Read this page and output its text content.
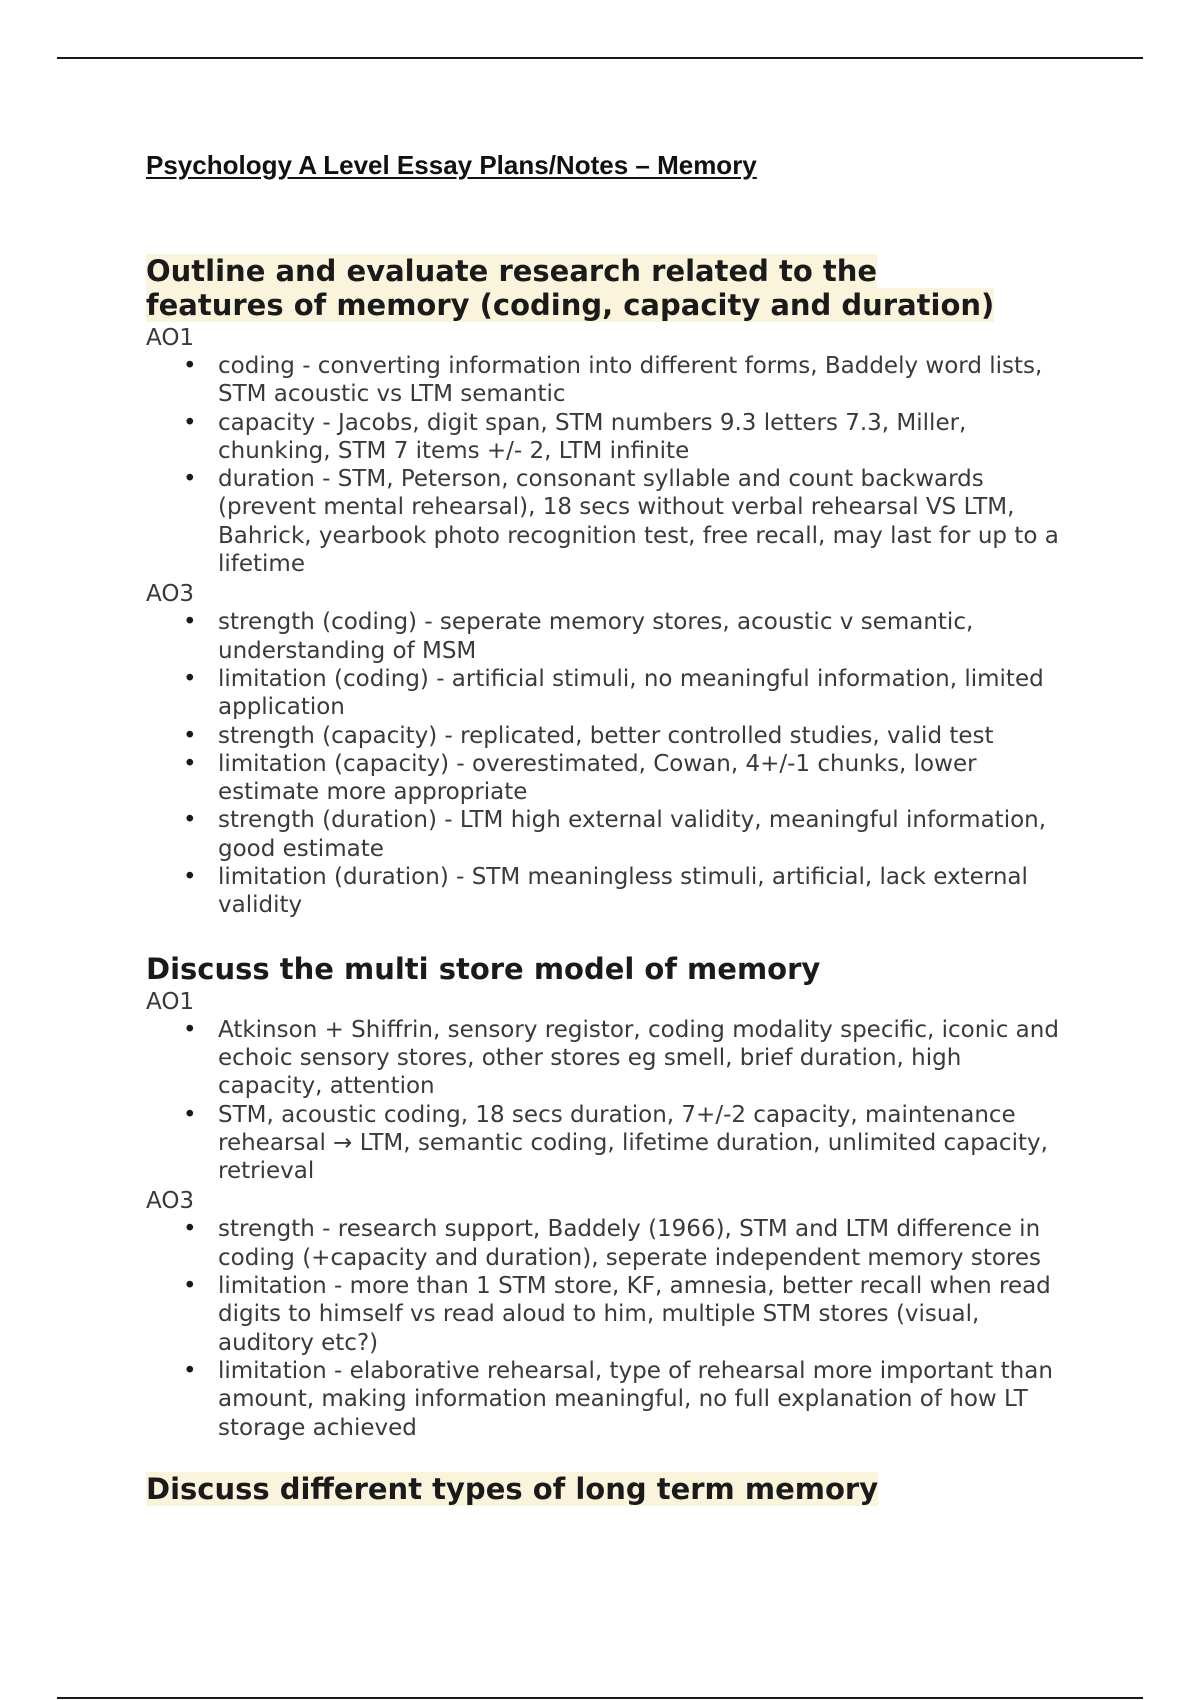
Psychology A Level Essay Plans/Notes – Memory
Outline and evaluate research related to the
features of memory (coding, capacity and duration)
AO1
• coding - converting information into different forms, Baddely word lists, STM acoustic vs LTM semantic
• capacity - Jacobs, digit span, STM numbers 9.3 letters 7.3, Miller, chunking, STM 7 items +/- 2, LTM infinite
• duration - STM, Peterson, consonant syllable and count backwards (prevent mental rehearsal), 18 secs without verbal rehearsal VS LTM, Bahrick, yearbook photo recognition test, free recall, may last for up to a lifetime
AO3
• strength (coding) - seperate memory stores, acoustic v semantic, understanding of MSM
• limitation (coding) - artificial stimuli, no meaningful information, limited application
• strength (capacity) - replicated, better controlled studies, valid test
• limitation (capacity) - overestimated, Cowan, 4+/-1 chunks, lower estimate more appropriate
• strength (duration) - LTM high external validity, meaningful information, good estimate
• limitation (duration) - STM meaningless stimuli, artificial, lack external validity
Discuss the multi store model of memory
AO1
• Atkinson + Shiffrin, sensory registor, coding modality specific, iconic and echoic sensory stores, other stores eg smell, brief duration, high capacity, attention
• STM, acoustic coding, 18 secs duration, 7+/-2 capacity, maintenance rehearsal → LTM, semantic coding, lifetime duration, unlimited capacity, retrieval
AO3
• strength - research support, Baddely (1966), STM and LTM difference in coding (+capacity and duration), seperate independent memory stores
• limitation - more than 1 STM store, KF, amnesia, better recall when read digits to himself vs read aloud to him, multiple STM stores (visual, auditory etc?)
• limitation - elaborative rehearsal, type of rehearsal more important than amount, making information meaningful, no full explanation of how LT storage achieved
Discuss different types of long term memory
